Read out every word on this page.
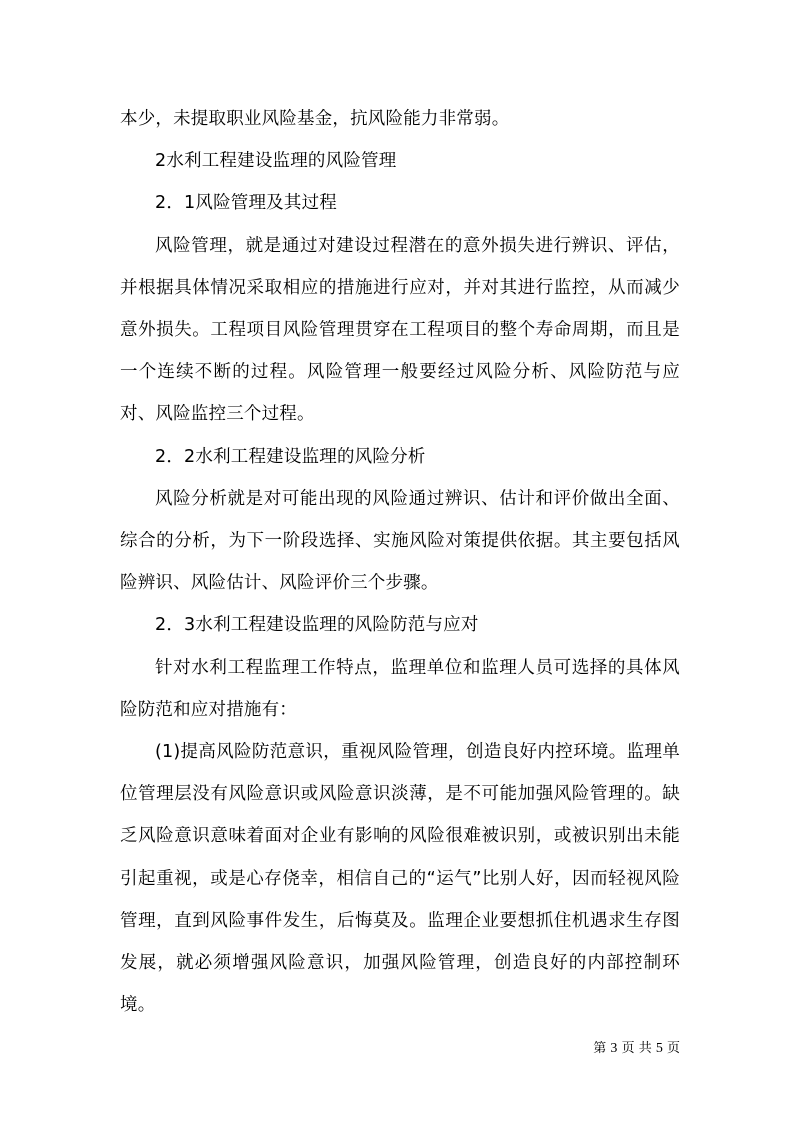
本少，未提取职业风险基金，抗风险能力非常弱。

2水利工程建设监理的风险管理

2．1风险管理及其过程

风险管理，就是通过对建设过程潜在的意外损失进行辨识、评估，并根据具体情况采取相应的措施进行应对，并对其进行监控，从而减少意外损失。工程项目风险管理贯穿在工程项目的整个寿命周期，而且是一个连续不断的过程。风险管理一般要经过风险分析、风险防范与应对、风险监控三个过程。

2．2水利工程建设监理的风险分析

风险分析就是对可能出现的风险通过辨识、估计和评价做出全面、综合的分析，为下一阶段选择、实施风险对策提供依据。其主要包括风险辨识、风险估计、风险评价三个步骤。

2．3水利工程建设监理的风险防范与应对

针对水利工程监理工作特点，监理单位和监理人员可选择的具体风险防范和应对措施有：

(1)提高风险防范意识，重视风险管理，创造良好内控环境。监理单位管理层没有风险意识或风险意识淡薄，是不可能加强风险管理的。缺乏风险意识意味着面对企业有影响的风险很难被识别，或被识别出未能引起重视，或是心存侥幸，相信自己的“运气”比别人好，因而轻视风险管理，直到风险事件发生，后悔莫及。监理企业要想抓住机遇求生存图发展，就必须增强风险意识，加强风险管理，创造良好的内部控制环境。

第 3 页 共 5 页
